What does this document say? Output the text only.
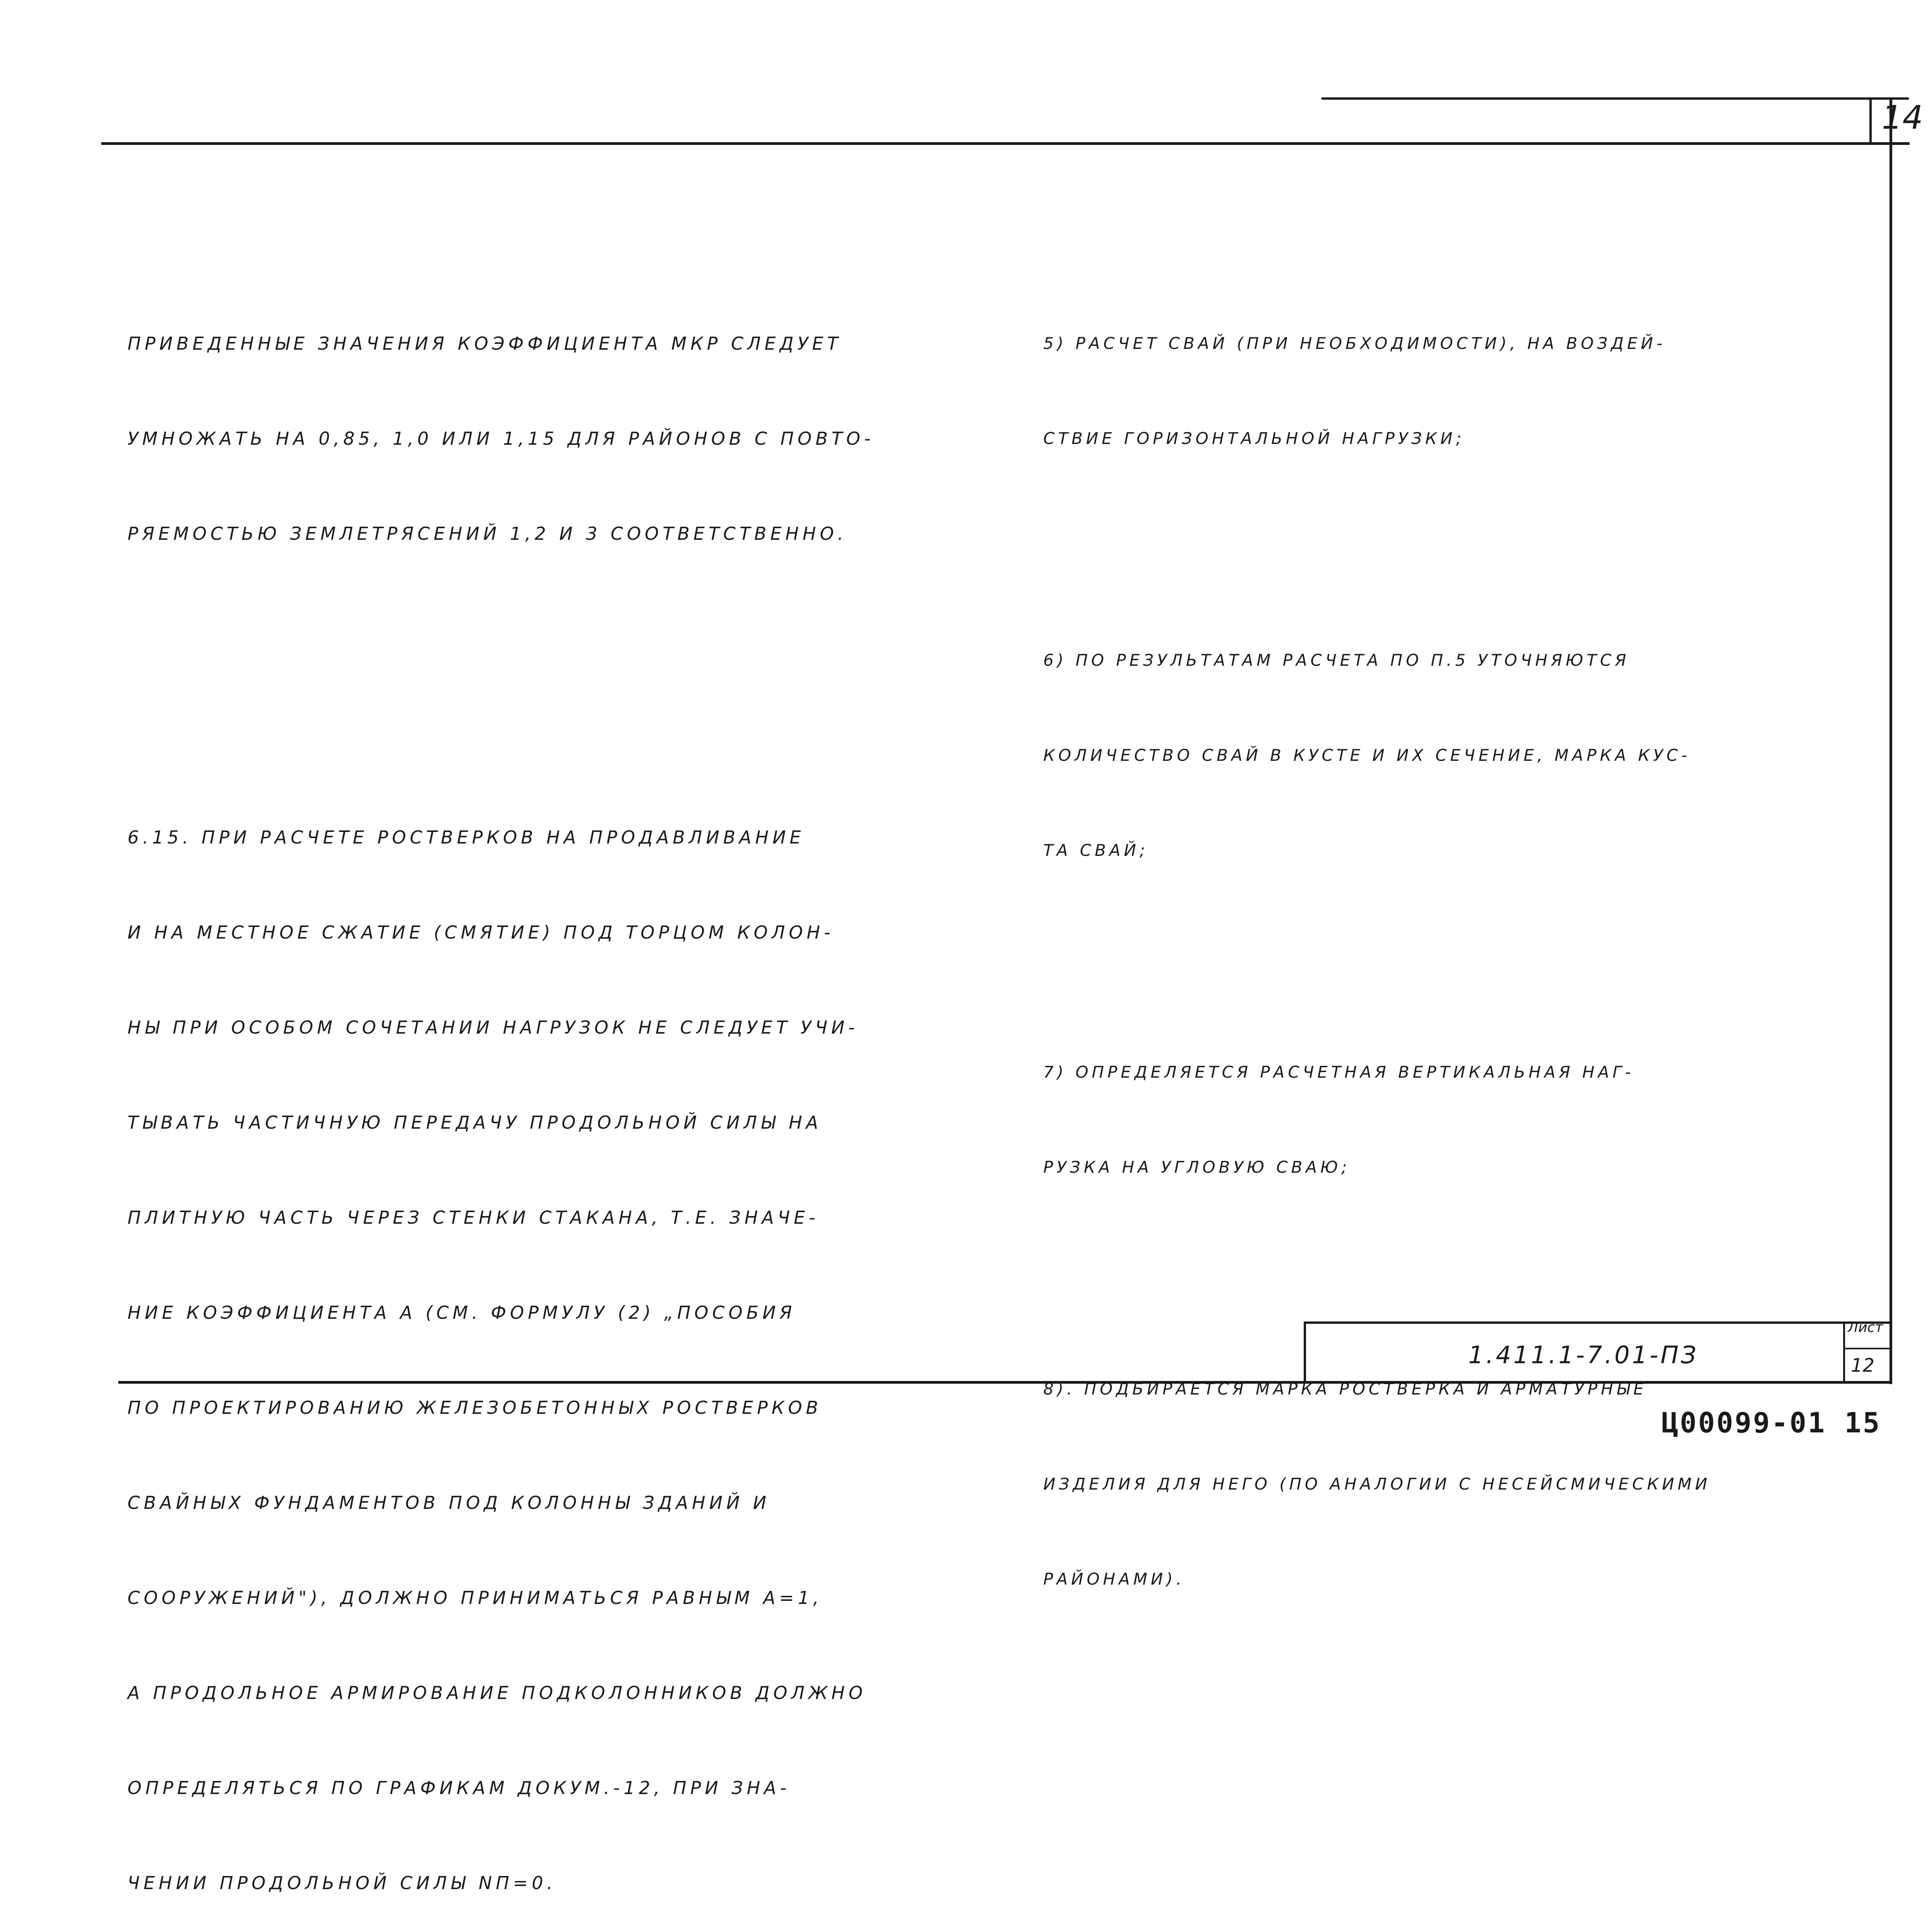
14

ПРИВЕДЕННЫЕ ЗНАЧЕНИЯ КОЭФФИЦИЕНТА MКР СЛЕДУЕТ

УМНОЖАТЬ НА 0,85, 1,0 ИЛИ 1,15 ДЛЯ РАЙОНОВ С ПОВТО-

РЯЕМОСТЬЮ ЗЕМЛЕТРЯСЕНИЙ 1,2 И 3 СООТВЕТСТВЕННО.

6.15. ПРИ РАСЧЕТЕ РОСТВЕРКОВ НА ПРОДАВЛИВАНИЕ

И НА МЕСТНОЕ СЖАТИЕ (СМЯТИЕ) ПОД ТОРЦОМ КОЛОН-

НЫ ПРИ ОСОБОМ СОЧЕТАНИИ НАГРУЗОК НЕ СЛЕДУЕТ УЧИ-

ТЫВАТЬ ЧАСТИЧНУЮ ПЕРЕДАЧУ ПРОДОЛЬНОЙ СИЛЫ НА

ПЛИТНУЮ ЧАСТЬ ЧЕРЕЗ СТЕНКИ СТАКАНА, Т.Е. ЗНАЧЕ-

НИЕ КОЭФФИЦИЕНТА Α (СМ. ФОРМУЛУ (2) „ПОСОБИЯ

ПО ПРОЕКТИРОВАНИЮ ЖЕЛЕЗОБЕТОННЫХ РОСТВЕРКОВ

СВАЙНЫХ ФУНДАМЕНТОВ ПОД КОЛОННЫ ЗДАНИЙ И

СООРУЖЕНИЙ"), ДОЛЖНО ПРИНИМАТЬСЯ РАВНЫМ Α=1,

А ПРОДОЛЬНОЕ АРМИРОВАНИЕ ПОДКОЛОННИКОВ ДОЛЖНО

ОПРЕДЕЛЯТЬСЯ ПО ГРАФИКАМ ДОКУМ.-12, ПРИ ЗНА-

ЧЕНИИ ПРОДОЛЬНОЙ СИЛЫ NП=0.

5) РАСЧЕТ СВАЙ (ПРИ НЕОБХОДИМОСТИ), НА ВОЗДЕЙ-

СТВИЕ ГОРИЗОНТАЛЬНОЙ НАГРУЗКИ;

6) ПО РЕЗУЛЬТАТАМ РАСЧЕТА ПО П.5 УТОЧНЯЮТСЯ

КОЛИЧЕСТВО СВАЙ В КУСТЕ И ИХ СЕЧЕНИЕ, МАРКА КУС-

ТА СВАЙ;

7) ОПРЕДЕЛЯЕТСЯ РАСЧЕТНАЯ ВЕРТИКАЛЬНАЯ НАГ-

РУЗКА НА УГЛОВУЮ СВАЮ;

8). ПОДБИРАЕТСЯ МАРКА РОСТВЕРКА И АРМАТУРНЫЕ

ИЗДЕЛИЯ ДЛЯ НЕГО (ПО АНАЛОГИИ С НЕСЕЙСМИЧЕСКИМИ

РАЙОНАМИ).

1.411.1-7.01-ПЗ
Лист
12
Ц00099-01 15
